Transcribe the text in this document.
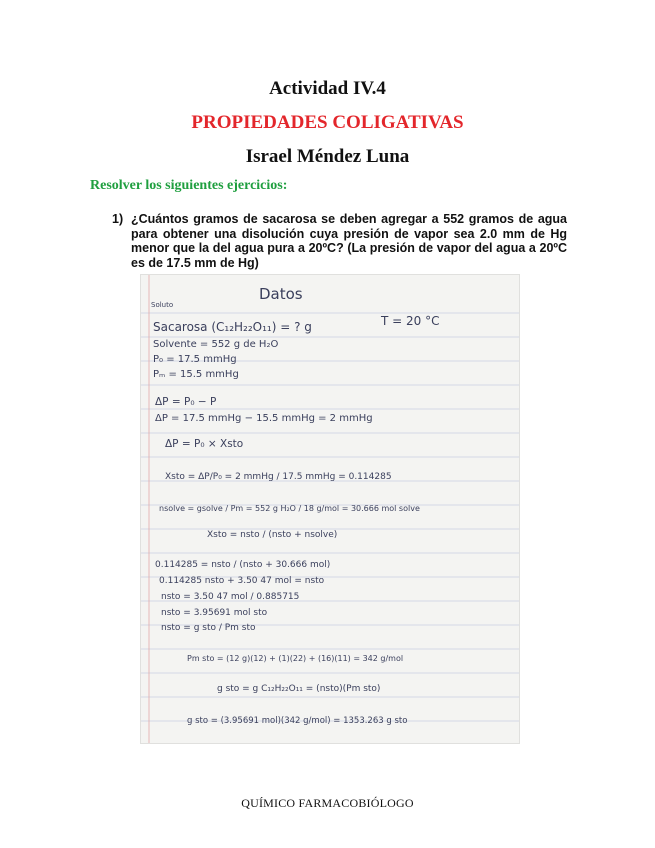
Actividad IV.4
PROPIEDADES COLIGATIVAS
Israel Méndez Luna
Resolver los siguientes ejercicios:
1) ¿Cuántos gramos de sacarosa se deben agregar a 552 gramos de agua para obtener una disolución cuya presión de vapor sea 2.0 mm de Hg menor que la del agua pura a 20ºC? (La presión de vapor del agua a 20ºC es de 17.5 mm de Hg)
Datos
Soluto
Sacarosa (C₁₂H₂₂O₁₁) = ? g	T = 20 °C
Solvente = 552 g de H₂O
P₀ = 17.5 mmHg
Pₘ = 15.5 mmHg
ΔP = P₀ − P
ΔP = 17.5 mmHg − 15.5 mmHg = 2 mmHg
ΔP = P₀ × Xsto
Xsto = ΔP/P₀ = 2 mmHg / 17.5 mmHg = 0.114285
nsolve = gsolve / Pm = 552 g H₂O / 18 g/mol = 30.666 mol solve
Xsto = nsto / (nsto + nsolve)
0.114285 = nsto / (nsto + 30.666 mol)
0.114285 nsto + 3.50 47 mol = nsto
nsto = 3.50 47 mol / 0.885715
nsto = 3.95691 mol sto
nsto = g sto / Pm sto
Pm sto = (12 g)(12) + (1)(22) + (16)(11) = 342 g/mol
g sto = g C₁₂H₂₂O₁₁ = (nsto)(Pm sto)
g sto = (3.95691 mol)(342 g/mol) = 1353.263 g sto
QUÍMICO FARMACOBIÓLOGO
